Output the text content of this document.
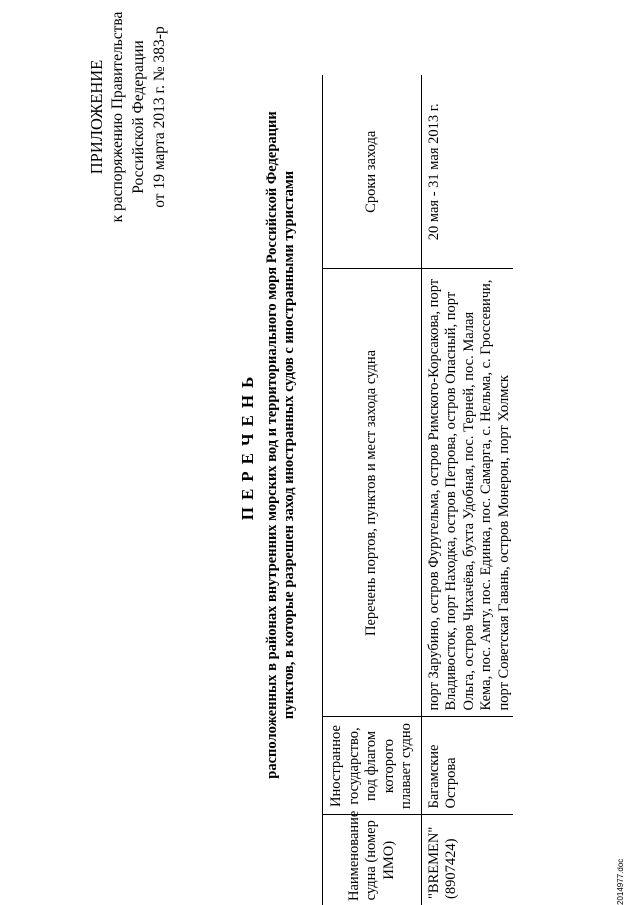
ПРИЛОЖЕНИЕ к распоряжению Правительства Российской Федерации от 19 марта 2013 г. № 383-р
ПЕРЕЧЕНЬ расположенных в районах внутренних морских вод и территориального моря Российской Федерации пунктов, в которые разрешен заход иностранных судов с иностранными туристами
Наименование судна (номер ИМО)	Иностранное государство, под флагом которого плавает судно	Перечень портов, пунктов и мест захода судна	Сроки захода
"BREMEN" (8907424)	Багамские Острова	порт Зарубино, остров Фуругельма, остров Римского-Корсакова, порт Владивосток, порт Находка, остров Петрова, остров Опасный, порт Ольга, остров Чихачёва, бухта Удобная, пос. Терней, пос. Малая Кема, пос. Амгу, пос. Единка, пос. Самарга, с. Нельма, с. Гроссевичи, порт Советская Гавань, остров Монерон, порт Холмск	20 мая - 31 мая 2013 г.
2014977.doc
